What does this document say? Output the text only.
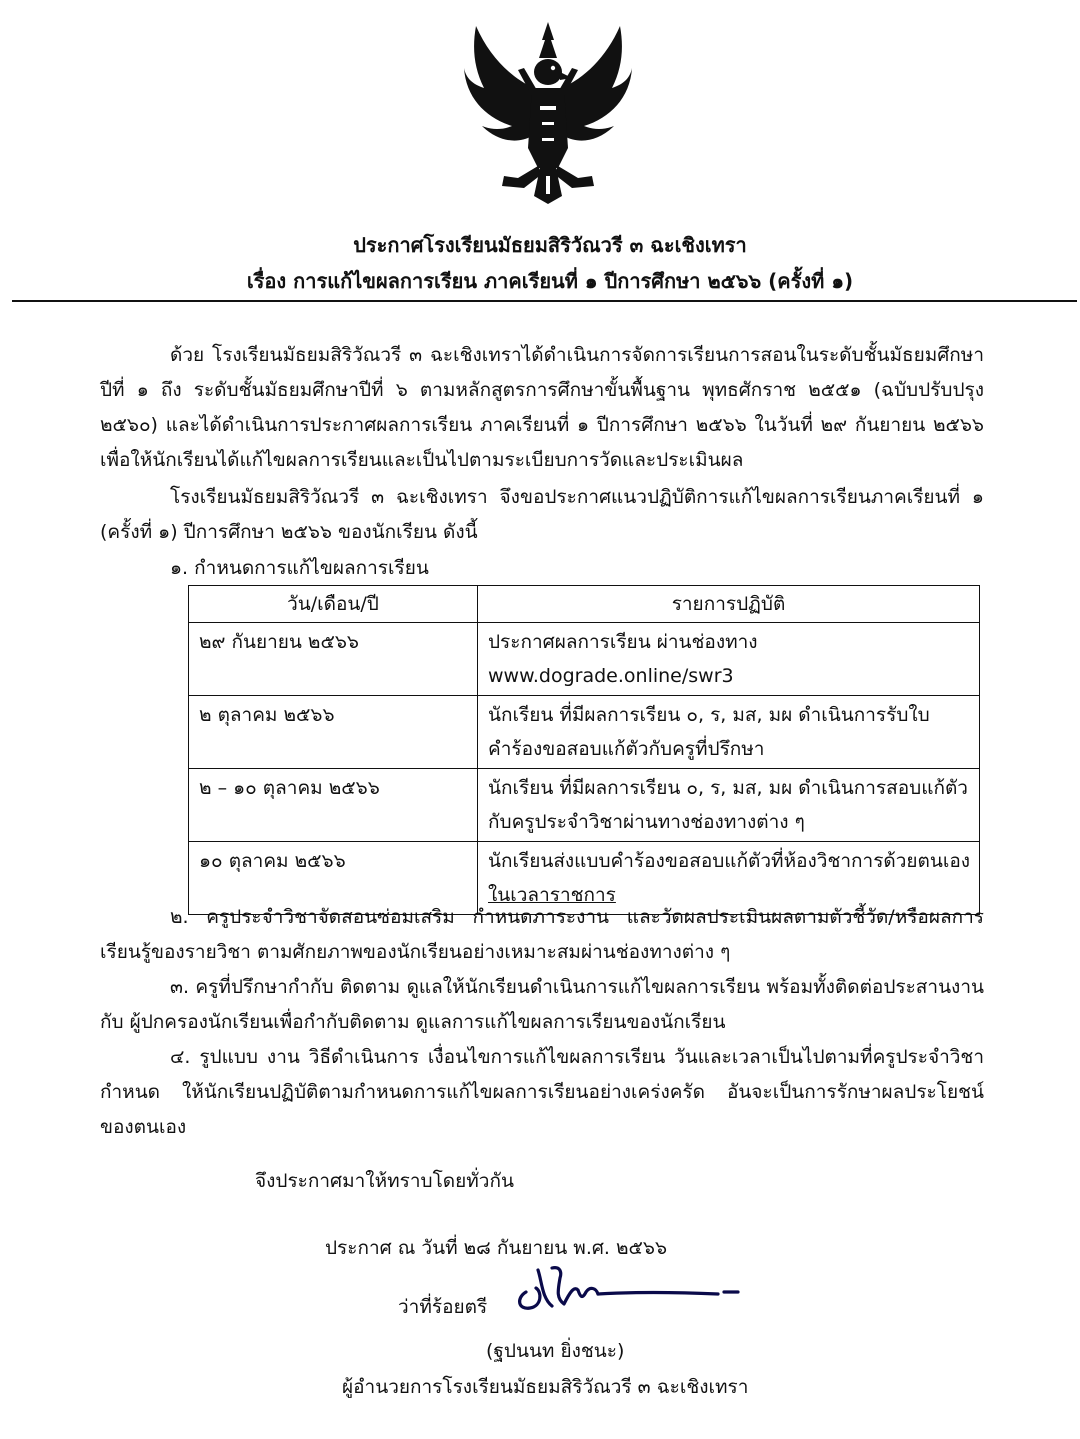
ประกาศโรงเรียนมัธยมสิริวัณวรี ๓ ฉะเชิงเทรา
เรื่อง การแก้ไขผลการเรียน ภาคเรียนที่ ๑ ปีการศึกษา ๒๕๖๖ (ครั้งที่ ๑)
ด้วย โรงเรียนมัธยมสิริวัณวรี ๓ ฉะเชิงเทราได้ดำเนินการจัดการเรียนการสอนในระดับชั้นมัธยมศึกษาปีที่ ๑ ถึง ระดับชั้นมัธยมศึกษาปีที่ ๖ ตามหลักสูตรการศึกษาขั้นพื้นฐาน พุทธศักราช ๒๕๕๑ (ฉบับปรับปรุง ๒๕๖๐) และได้ดำเนินการประกาศผลการเรียน ภาคเรียนที่ ๑ ปีการศึกษา ๒๕๖๖ ในวันที่ ๒๙ กันยายน ๒๕๖๖ เพื่อให้นักเรียนได้แก้ไขผลการเรียนและเป็นไปตามระเบียบการวัดและประเมินผล
โรงเรียนมัธยมสิริวัณวรี ๓ ฉะเชิงเทรา จึงขอประกาศแนวปฏิบัติการแก้ไขผลการเรียนภาคเรียนที่ ๑ (ครั้งที่ ๑) ปีการศึกษา ๒๕๖๖ ของนักเรียน ดังนี้
๑. กำหนดการแก้ไขผลการเรียน
วัน/เดือน/ปี	รายการปฏิบัติ
๒๙ กันยายน ๒๕๖๖	ประกาศผลการเรียน ผ่านช่องทาง
www.dograde.online/swr3

๒ ตุลาคม ๒๕๖๖	นักเรียน ที่มีผลการเรียน ๐, ร, มส, มผ ดำเนินการรับใบคำร้องขอสอบแก้ตัวกับครูที่ปรึกษา
๒ – ๑๐ ตุลาคม ๒๕๖๖	นักเรียน ที่มีผลการเรียน ๐, ร, มส, มผ ดำเนินการสอบแก้ตัวกับครูประจำวิชาผ่านทางช่องทางต่าง ๆ
๑๐ ตุลาคม ๒๕๖๖	นักเรียนส่งแบบคำร้องขอสอบแก้ตัวที่ห้องวิชาการด้วยตนเอง ในเวลาราชการ
๒. ครูประจำวิชาจัดสอนซ่อมเสริม กำหนดภาระงาน และวัดผลประเมินผลตามตัวชี้วัด/หรือผลการเรียนรู้ของรายวิชา ตามศักยภาพของนักเรียนอย่างเหมาะสมผ่านช่องทางต่าง ๆ
๓. ครูที่ปรึกษากำกับ ติดตาม ดูแลให้นักเรียนดำเนินการแก้ไขผลการเรียน พร้อมทั้งติดต่อประสานงานกับ ผู้ปกครองนักเรียนเพื่อกำกับติดตาม ดูแลการแก้ไขผลการเรียนของนักเรียน
๔. รูปแบบ งาน วิธีดำเนินการ เงื่อนไขการแก้ไขผลการเรียน วันและเวลาเป็นไปตามที่ครูประจำวิชากำหนด ให้นักเรียนปฏิบัติตามกำหนดการแก้ไขผลการเรียนอย่างเคร่งครัด อันจะเป็นการรักษาผลประโยชน์ของตนเอง
จึงประกาศมาให้ทราบโดยทั่วกัน
ประกาศ ณ วันที่ ๒๘ กันยายน พ.ศ. ๒๕๖๖
ว่าที่ร้อยตรี
(ฐปนนท ยิ่งชนะ)
ผู้อำนวยการโรงเรียนมัธยมสิริวัณวรี ๓ ฉะเชิงเทรา
